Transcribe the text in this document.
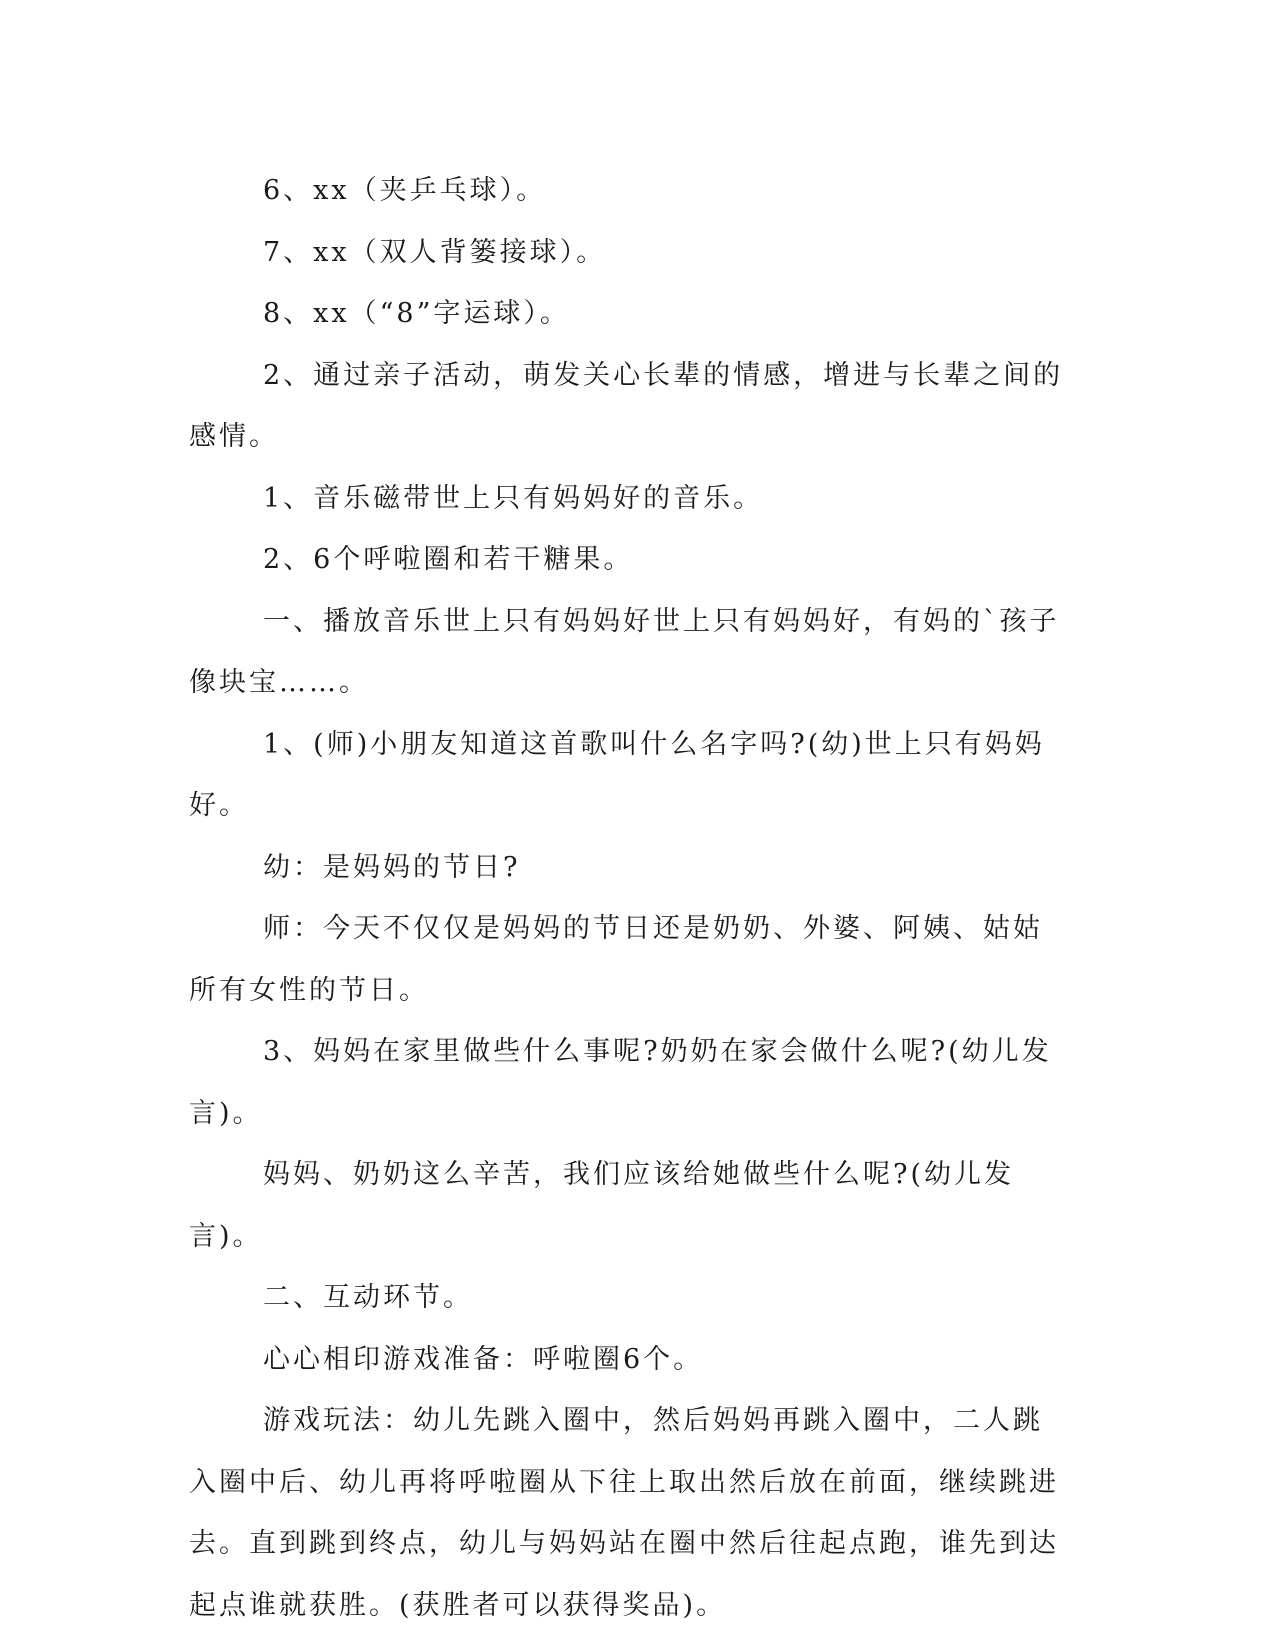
6、xx（夹乒乓球）。

7、xx（双人背篓接球）。

8、xx（“8”字运球）。

2、通过亲子活动，萌发关心长辈的情感，增进与长辈之间的感情。

1、音乐磁带世上只有妈妈好的音乐。

2、6个呼啦圈和若干糖果。

一、播放音乐世上只有妈妈好世上只有妈妈好，有妈的`孩子像块宝……。

1、(师)小朋友知道这首歌叫什么名字吗?(幼)世上只有妈妈好。

幼：是妈妈的节日?

师：今天不仅仅是妈妈的节日还是奶奶、外婆、阿姨、姑姑所有女性的节日。

3、妈妈在家里做些什么事呢?奶奶在家会做什么呢?(幼儿发言)。

妈妈、奶奶这么辛苦，我们应该给她做些什么呢?(幼儿发言)。

二、互动环节。

心心相印游戏准备：呼啦圈6个。

游戏玩法：幼儿先跳入圈中，然后妈妈再跳入圈中，二人跳入圈中后、幼儿再将呼啦圈从下往上取出然后放在前面，继续跳进去。直到跳到终点，幼儿与妈妈站在圈中然后往起点跑，谁先到达起点谁就获胜。(获胜者可以获得奖品)。
